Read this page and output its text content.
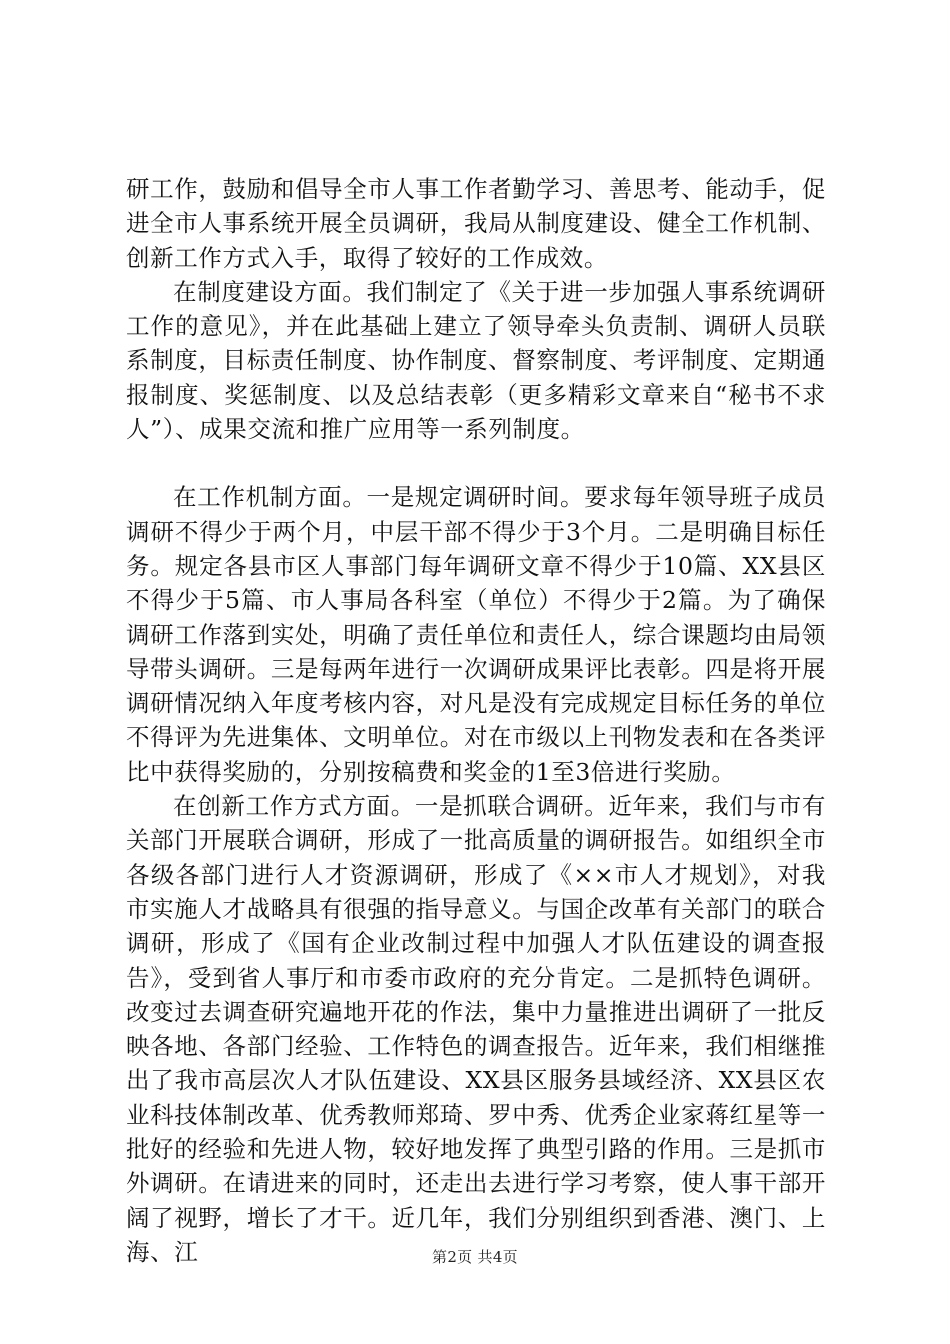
研工作，鼓励和倡导全市人事工作者勤学习、善思考、能动手，促进全市人事系统开展全员调研，我局从制度建设、健全工作机制、创新工作方式入手，取得了较好的工作成效。

在制度建设方面。我们制定了《关于进一步加强人事系统调研工作的意见》，并在此基础上建立了领导牵头负责制、调研人员联系制度，目标责任制度、协作制度、督察制度、考评制度、定期通报制度、奖惩制度、以及总结表彰（更多精彩文章来自“秘书不求人”）、成果交流和推广应用等一系列制度。

在工作机制方面。一是规定调研时间。要求每年领导班子成员调研不得少于两个月，中层干部不得少于3个月。二是明确目标任务。规定各县市区人事部门每年调研文章不得少于10篇、XX县区不得少于5篇、市人事局各科室（单位）不得少于2篇。为了确保调研工作落到实处，明确了责任单位和责任人，综合课题均由局领导带头调研。三是每两年进行一次调研成果评比表彰。四是将开展调研情况纳入年度考核内容，对凡是没有完成规定目标任务的单位不得评为先进集体、文明单位。对在市级以上刊物发表和在各类评比中获得奖励的，分别按稿费和奖金的1至3倍进行奖励。

在创新工作方式方面。一是抓联合调研。近年来，我们与市有关部门开展联合调研，形成了一批高质量的调研报告。如组织全市各级各部门进行人才资源调研，形成了《××市人才规划》，对我市实施人才战略具有很强的指导意义。与国企改革有关部门的联合调研，形成了《国有企业改制过程中加强人才队伍建设的调查报告》，受到省人事厅和市委市政府的充分肯定。二是抓特色调研。改变过去调查研究遍地开花的作法，集中力量推进出调研了一批反映各地、各部门经验、工作特色的调查报告。近年来，我们相继推出了我市高层次人才队伍建设、XX县区服务县域经济、XX县区农业科技体制改革、优秀教师郑琦、罗中秀、优秀企业家蒋红星等一批好的经验和先进人物，较好地发挥了典型引路的作用。三是抓市外调研。在请进来的同时，还走出去进行学习考察，使人事干部开阔了视野，增长了才干。近几年，我们分别组织到香港、澳门、上海、江	第2页 共4页
